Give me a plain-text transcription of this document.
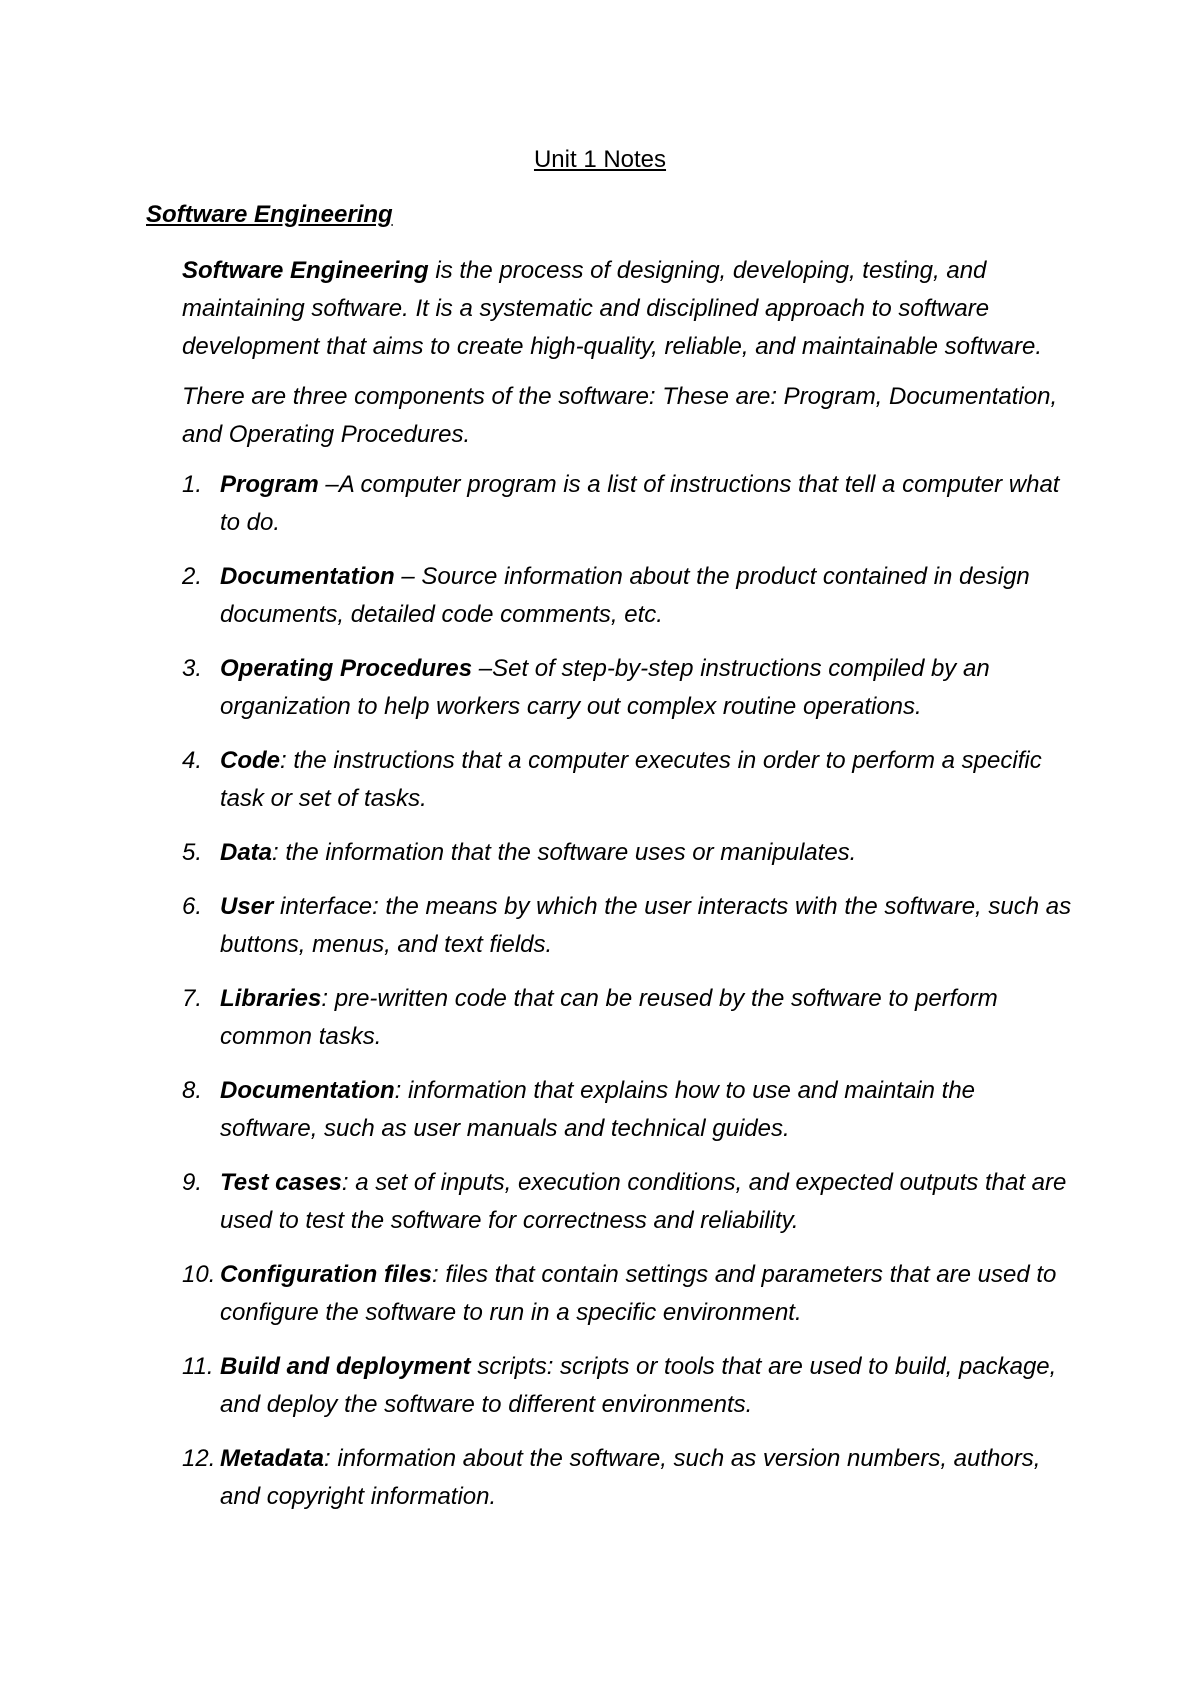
Unit 1 Notes
Software Engineering

Software Engineering is the process of designing, developing, testing, and maintaining software. It is a systematic and disciplined approach to software development that aims to create high-quality, reliable, and maintainable software.

There are three components of the software: These are: Program, Documentation, and Operating Procedures.

1. Program –A computer program is a list of instructions that tell a computer what to do.
2. Documentation – Source information about the product contained in design documents, detailed code comments, etc.
3. Operating Procedures –Set of step-by-step instructions compiled by an organization to help workers carry out complex routine operations.
4. Code: the instructions that a computer executes in order to perform a specific task or set of tasks.
5. Data: the information that the software uses or manipulates.
6. User interface: the means by which the user interacts with the software, such as buttons, menus, and text fields.
7. Libraries: pre-written code that can be reused by the software to perform common tasks.
8. Documentation: information that explains how to use and maintain the software, such as user manuals and technical guides.
9. Test cases: a set of inputs, execution conditions, and expected outputs that are used to test the software for correctness and reliability.
10. Configuration files: files that contain settings and parameters that are used to configure the software to run in a specific environment.
11. Build and deployment scripts: scripts or tools that are used to build, package, and deploy the software to different environments.
12. Metadata: information about the software, such as version numbers, authors, and copyright information.
